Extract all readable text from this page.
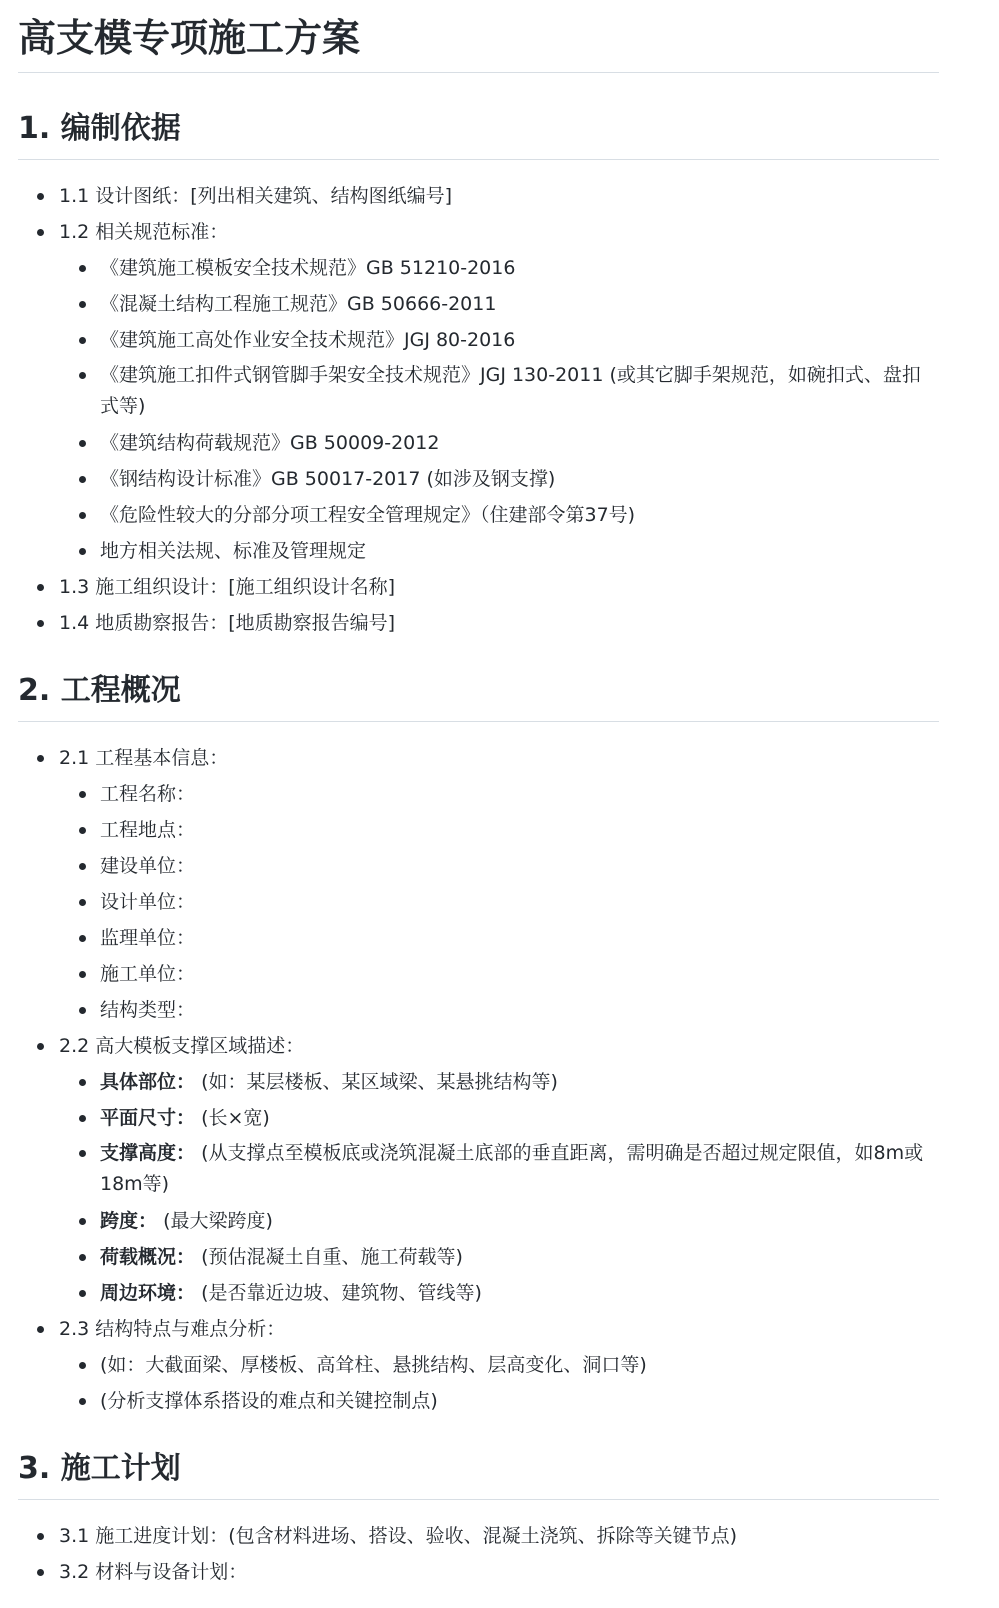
高支模专项施工方案
1. 编制依据
1.1 设计图纸：[列出相关建筑、结构图纸编号]
1.2 相关规范标准：
《建筑施工模板安全技术规范》GB 51210-2016
《混凝土结构工程施工规范》GB 50666-2011
《建筑施工高处作业安全技术规范》JGJ 80-2016
《建筑施工扣件式钢管脚手架安全技术规范》JGJ 130-2011 (或其它脚手架规范，如碗扣式、盘扣式等)
《建筑结构荷载规范》GB 50009-2012
《钢结构设计标准》GB 50017-2017 (如涉及钢支撑)
《危险性较大的分部分项工程安全管理规定》（住建部令第37号)
地方相关法规、标准及管理规定
1.3 施工组织设计：[施工组织设计名称]
1.4 地质勘察报告：[地质勘察报告编号]
2. 工程概况
2.1 工程基本信息：
工程名称：
工程地点：
建设单位：
设计单位：
监理单位：
施工单位：
结构类型：
2.2 高大模板支撑区域描述：
具体部位： (如：某层楼板、某区域梁、某悬挑结构等)
平面尺寸： (长×宽)
支撑高度： (从支撑点至模板底或浇筑混凝土底部的垂直距离，需明确是否超过规定限值，如8m或18m等)
跨度： (最大梁跨度)
荷载概况： (预估混凝土自重、施工荷载等)
周边环境： (是否靠近边坡、建筑物、管线等)
2.3 结构特点与难点分析：
(如：大截面梁、厚楼板、高耸柱、悬挑结构、层高变化、洞口等)
(分析支撑体系搭设的难点和关键控制点)
3. 施工计划
3.1 施工进度计划：(包含材料进场、搭设、验收、混凝土浇筑、拆除等关键节点)
3.2 材料与设备计划：
